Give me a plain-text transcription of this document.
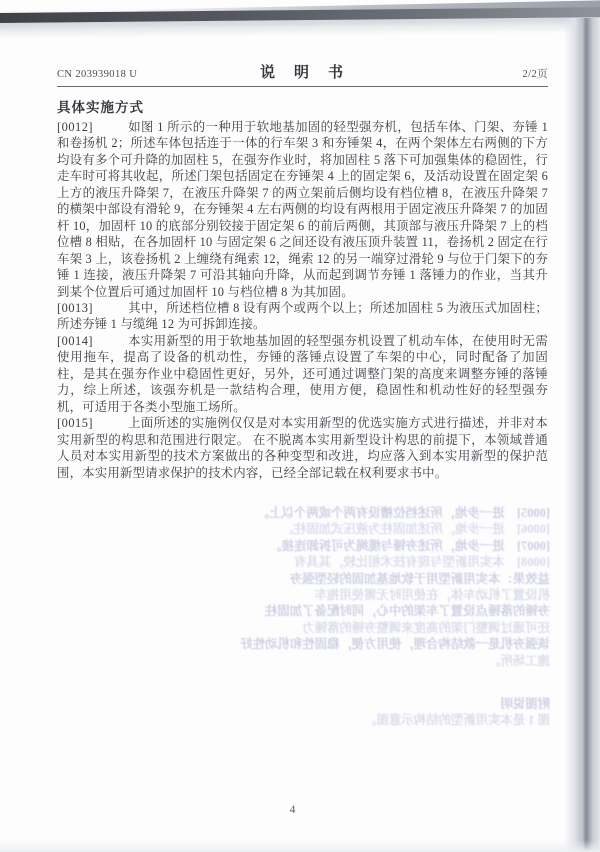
CN 203939018 U	说　明　书	2/2页
具体实施方式

[0012]	如图 1 所示的一种用于软地基加固的轻型强夯机，包括车体、门架、夯锤 1 和卷扬机 2；所述车体包括连于一体的行车架 3 和夯锤架 4，在两个架体左右两侧的下方均设有多个可升降的加固柱 5，在强夯作业时，将加固柱 5 落下可加强集体的稳固性，行走车时可将其收起，所述门架包括固定在夯锤架 4 上的固定架 6，及活动设置在固定架 6 上方的液压升降架 7，在液压升降架 7 的两立架前后侧均设有档位槽 8，在液压升降架 7 的横架中部设有滑轮 9，在夯锤架 4 左右两侧的均设有两根用于固定液压升降架 7 的加固杆 10，加固杆 10 的底部分别铰接于固定架 6 的前后两侧，其顶部与液压升降架 7 上的档位槽 8 相贴，在各加固杆 10 与固定架 6 之间还设有液压顶升装置 11，卷扬机 2 固定在行车架 3 上，该卷扬机 2 上缠绕有绳索 12，绳索 12 的另一端穿过滑轮 9 与位于门架下的夯锤 1 连接，液压升降架 7 可沿其轴向升降，从而起到调节夯锤 1 落锤力的作业，当其升到某个位置后可通过加固杆 10 与档位槽 8 为其加固。

[0013]	其中，所述档位槽 8 设有两个或两个以上；所述加固柱 5 为液压式加固柱；所述夯锤 1 与缆绳 12 为可拆卸连接。

[0014]	本实用新型的用于软地基加固的轻型强夯机设置了机动车体，在使用时无需使用拖车，提高了设备的机动性，夯锤的落锤点设置了车架的中心，同时配备了加固柱，是其在强夯作业中稳固性更好，另外，还可通过调整门架的高度来调整夯锤的落锤力，综上所述，该强夯机是一款结构合理，使用方便，稳固性和机动性好的轻型强夯机，可适用于各类小型施工场所。

[0015]	上面所述的实施例仅仅是对本实用新型的优选实施方式进行描述，并非对本实用新型的构思和范围进行限定。 在不脱离本实用新型设计构思的前提下，本领域普通人员对本实用新型的技术方案做出的各种变型和改进，均应落入到本实用新型的保护范围，本实用新型请求保护的技术内容，已经全部记载在权利要求书中。

[0005]　进一步地，所述档位槽设有两个或两个以上。
[0006]　进一步地，所述加固柱为液压式加固柱。
[0007]　进一步地，所述夯锤与缆绳为可拆卸连接。
[0008]　本实用新型与现有技术相比较，其具有
益效果：本实用新型用于软地基加固的轻型强夯
机设置了机动车体，在使用时无需使用拖车
夯锤的落锤点设置了车架的中心，同时配备了加固柱
还可通过调整门架的高度来调整夯锤的落锤力
该强夯机是一款结构合理，使用方便，稳固性和机动性好
施工场所。
附图说明
图 1 是本实用新型的结构示意图。
4
